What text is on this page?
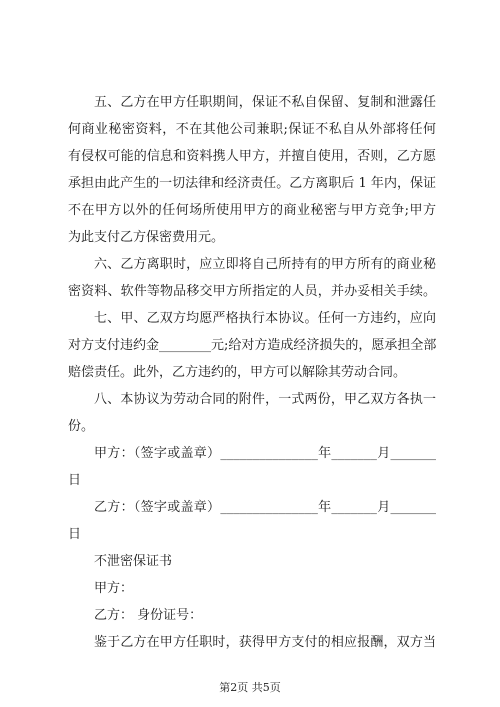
五、乙方在甲方任职期间，保证不私自保留、复制和泄露任
何商业秘密资料，不在其他公司兼职;保证不私自从外部将任何
有侵权可能的信息和资料携人甲方，并擅自使用，否则，乙方愿
承担由此产生的一切法律和经济责任。乙方离职后 1 年内，保证
不在甲方以外的任何场所使用甲方的商业秘密与甲方竞争;甲方
为此支付乙方保密费用元。
六、乙方离职时，应立即将自己所持有的甲方所有的商业秘
密资料、软件等物品移交甲方所指定的人员，并办妥相关手续。
七、甲、乙双方均愿严格执行本协议。任何一方违约，应向
对方支付违约金________元;给对方造成经济损失的，愿承担全部
赔偿责任。此外，乙方违约的，甲方可以解除其劳动合同。
八、本协议为劳动合同的附件，一式两份，甲乙双方各执一
份。
甲方：（签字或盖章）_______________年_______月_______
日
乙方：（签字或盖章）_______________年_______月_______
日
不泄密保证书
甲方：
乙方： 身份证号：
鉴于乙方在甲方任职时，获得甲方支付的相应报酬，双方当
第2页 共5页
